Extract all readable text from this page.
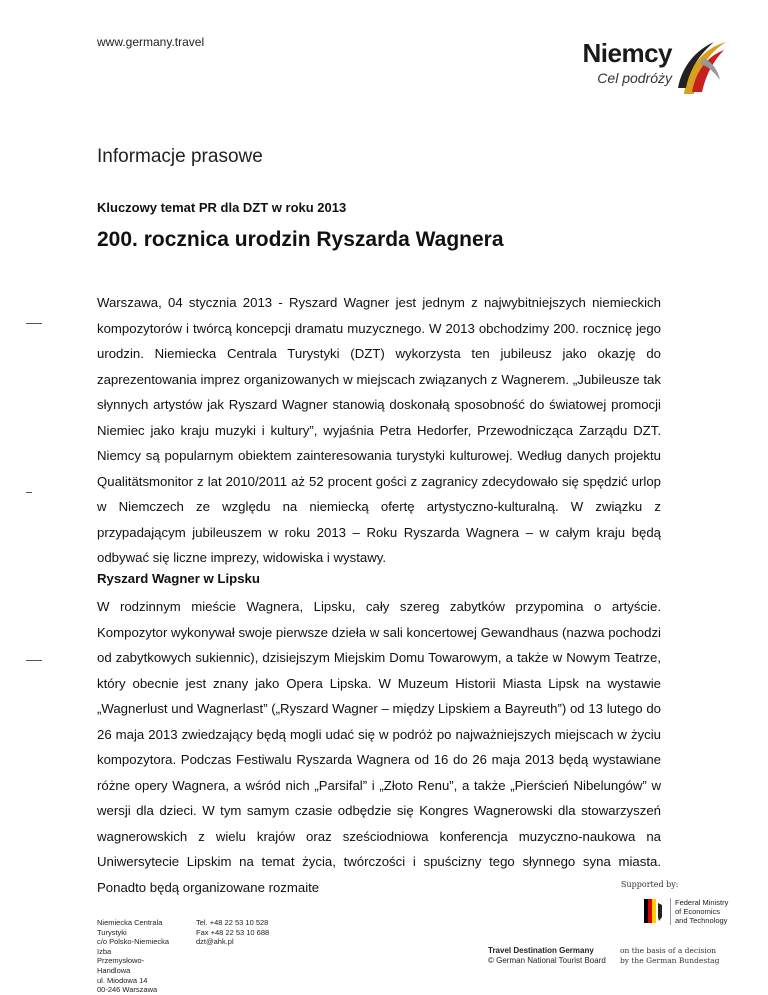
www.germany.travel	Niemcy
Cel podróży
Informacje prasowe
Kluczowy temat PR dla DZT w roku 2013
200. rocznica urodzin Ryszarda Wagnera

Warszawa, 04 stycznia 2013 - Ryszard Wagner jest jednym z najwybitniejszych niemieckich kompozytorów i twórcą koncepcji dramatu muzycznego. W 2013 obchodzimy 200. rocznicę jego urodzin. Niemiecka Centrala Turystyki (DZT) wykorzysta ten jubileusz jako okazję do zaprezentowania imprez organizowanych w miejscach związanych z Wagnerem. „Jubileusze tak słynnych artystów jak Ryszard Wagner stanowią doskonałą sposobność do światowej promocji Niemiec jako kraju muzyki i kultury”, wyjaśnia Petra Hedorfer, Przewodnicząca Zarządu DZT. Niemcy są popularnym obiektem zainteresowania turystyki kulturowej. Według danych projektu Qualitätsmonitor z lat 2010/2011 aż 52 procent gości z zagranicy zdecydowało się spędzić urlop w Niemczech ze względu na niemiecką ofertę artystyczno-kulturalną. W związku z przypadającym jubileuszem w roku 2013 – Roku Ryszarda Wagnera – w całym kraju będą odbywać się liczne imprezy, widowiska i wystawy.

Ryszard Wagner w Lipsku

W rodzinnym mieście Wagnera, Lipsku, cały szereg zabytków przypomina o artyście. Kompozytor wykonywał swoje pierwsze dzieła w sali koncertowej Gewandhaus (nazwa pochodzi od zabytkowych sukiennic), dzisiejszym Miejskim Domu Towarowym, a także w Nowym Teatrze, który obecnie jest znany jako Opera Lipska. W Muzeum Historii Miasta Lipsk na wystawie „Wagnerlust und Wagnerlast” („Ryszard Wagner – między Lipskiem a Bayreuth”) od 13 lutego do 26 maja 2013 zwiedzający będą mogli udać się w podróż po najważniejszych miejscach w życiu kompozytora. Podczas Festiwalu Ryszarda Wagnera od 16 do 26 maja 2013 będą wystawiane różne opery Wagnera, a wśród nich „Parsifal” i „Złoto Renu”, a także „Pierścień Nibelungów” w wersji dla dzieci. W tym samym czasie odbędzie się Kongres Wagnerowski dla stowarzyszeń wagnerowskich z wielu krajów oraz sześciodniowa konferencja muzyczno-naukowa na Uniwersytecie Lipskim na temat życia, twórczości i spuścizny tego słynnego syna miasta. Ponadto będą organizowane rozmaite	Supported by:
Federal Ministry
of Economics
and Technology
Niemiecka Centrala
Turystyki
c/o Polsko-Niemiecka Izba
Przemysłowo-Handlowa
ul. Miodowa 14
00-246 Warszawa
Tel. +48 22 53 10 528
Fax +48 22 53 10 688
dzt@ahk.pl
Travel Destination Germany
© German National Tourist Board
on the basis of a decision
by the German Bundestag
